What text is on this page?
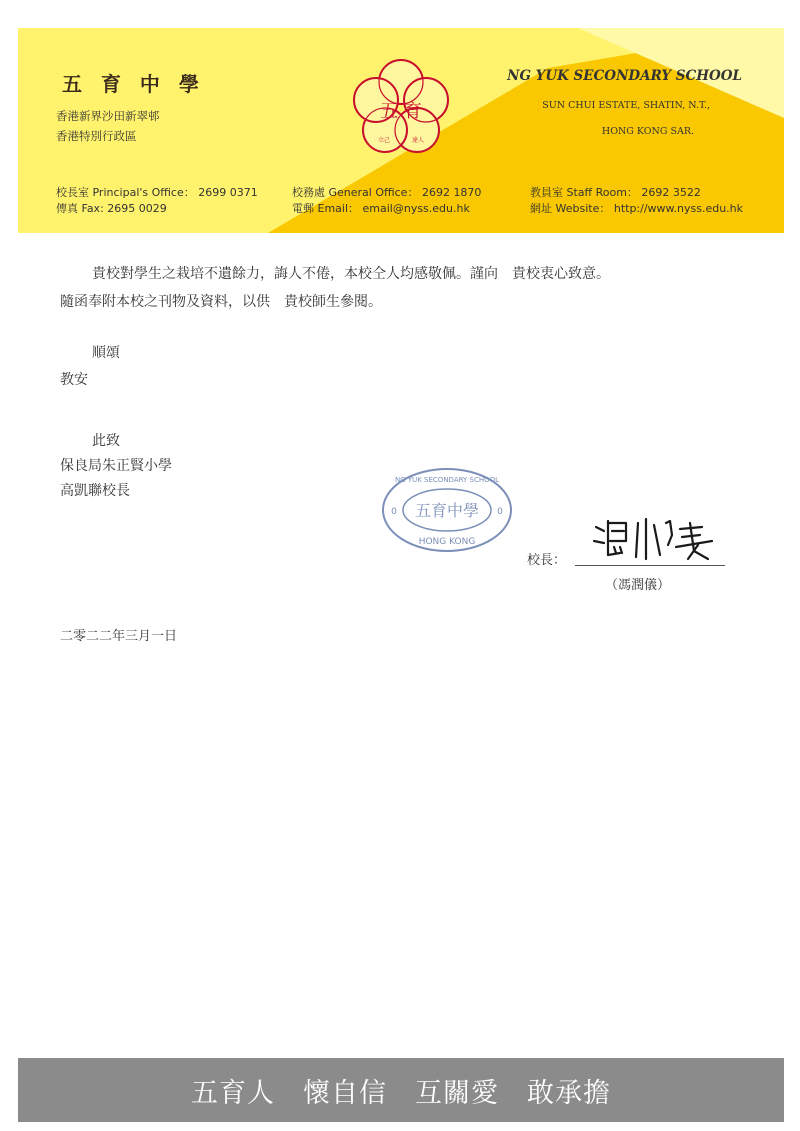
五 育 中 學
香港新界沙田新翠邨
香港特別行政區
五 育
立己	達人
NG YUK SECONDARY SCHOOL
SUN CHUI ESTATE, SHATIN, N.T.,
HONG KONG SAR.
校長室 Principal's Office： 2699 0371
傳真 Fax: 2695 0029
校務處 General Office： 2692 1870
電郵 Email： email@nyss.edu.hk
教員室 Staff Room： 2692 3522
網址 Website： http://www.nyss.edu.hk
貴校對學生之栽培不遺餘力，誨人不倦，本校仝人均感敬佩。謹向　貴校衷心致意。
隨函奉附本校之刊物及資料，以供　貴校師生參閱。
順頌
教安
此致
保良局朱正賢小學
高凱聯校長
NG YUK SECONDARY SCHOOL
五育中學
HONG KONG
0	0
校長：
（馮潤儀）
二零二二年三月一日
五育人　懷自信　互關愛　敢承擔
